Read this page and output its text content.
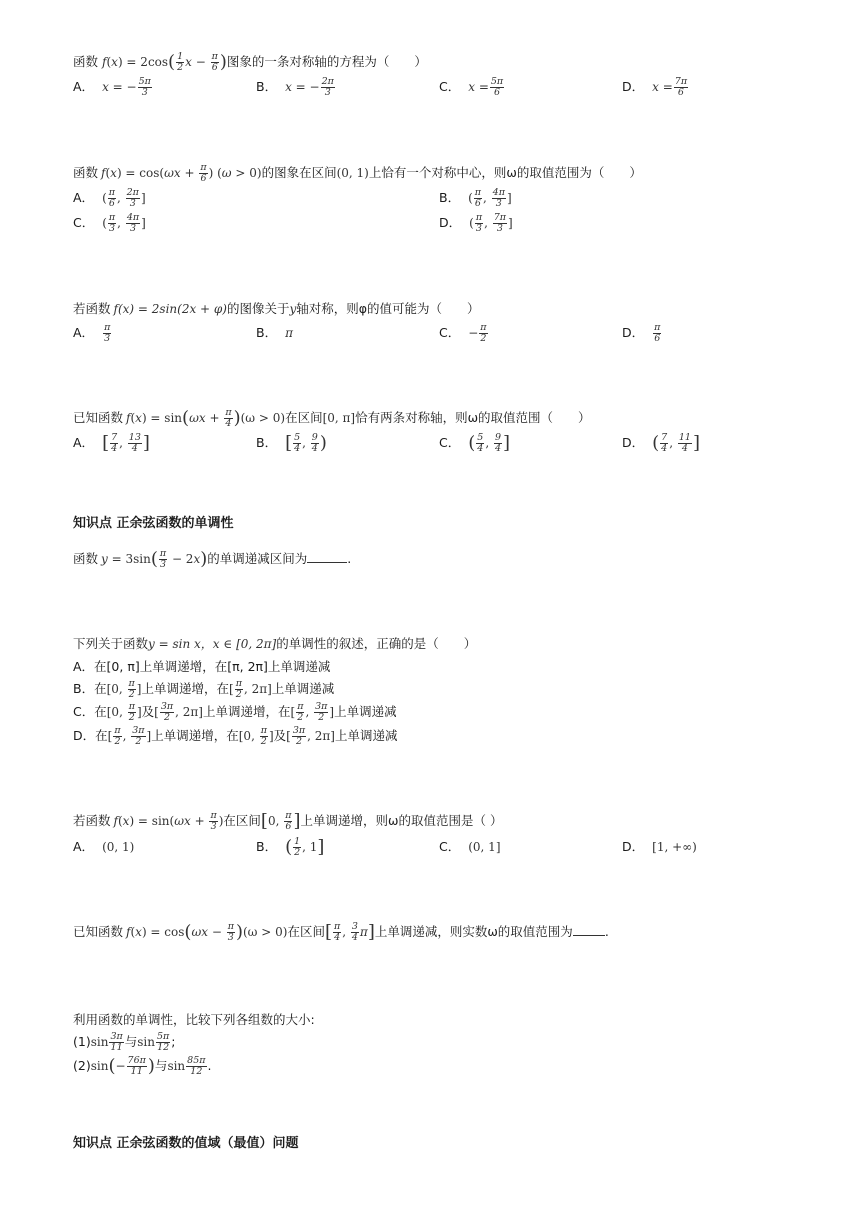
函数 $f(x) = 2\cos( \frac{1}{2}$ $x - \frac{\pi}{6}$ )图象的一条对称轴的方程为（　　）
A． x = − $\frac{5\pi}{3}$	B． x = − $\frac{2\pi}{3}$	C． $x = \frac{5\pi}{6}$	D． $x = \frac{7\pi}{6}$
函数 $f(x) = \cos(\omega x + \frac{\pi}{6}$ ) (ω > 0)的图象在区间(0, 1)上恰有一个对称中心，则ω的取值范围为（　　）
A． ( $\frac{\pi}{6}$ , $\frac{2\pi}{3}$ ]	B． ( $\frac{\pi}{6}$ , $\frac{4\pi}{3}$ ]
C． ( $\frac{\pi}{3}$ , $\frac{4\pi}{3}$ ]	D． ( $\frac{\pi}{3}$ , $\frac{7\pi}{3}$ ]
若函数 f(x) = 2sin(2x + φ)的图像关于y轴对称，则φ的值可能为（　　）
A． $\frac{\pi}{3}$	B． π	C． − $\frac{\pi}{2}$	D． $\frac{\pi}{6}$
已知函数 $f(x) = \sin(\omega x + \frac{\pi}{4} )(\omega > 0)$在区间[0, π]恰有两条对称轴，则ω的取值范围（　　）
A． [ $\frac{7}{4}$ , $\frac{13}{4}$ ]	B． [ $\frac{5}{4}$ , $\frac{9}{4}$ )	C． ( $\frac{5}{4}$ , $\frac{9}{4}$ ]	D． ( $\frac{7}{4}$ , $\frac{11}{4}$ ]
知识点 正余弦函数的单调性
函数 $y = 3\sin( \frac{\pi}{3} - 2x)$的单调递减区间为	.
下列关于函数y = sin x，x ∈ [0, 2π]的单调性的叙述，正确的是（　　）
A．在[0, π]上单调递增，在[π, 2π]上单调递减
B．在[0, $\frac{\pi}{2}$ ]上单调递增，在[ $\frac{\pi}{2}$ , 2π]上单调递减
C．在[0, $\frac{\pi}{2}$ ]及[ $\frac{3\pi}{2}$ , 2π]上单调递增，在[ $\frac{\pi}{2}$ , $\frac{3\pi}{2}$ ]上单调递减
D．在[ $\frac{\pi}{2}$ , $\frac{3\pi}{2}$ ]上单调递增，在[0, $\frac{\pi}{2}$ ]及[ $\frac{3\pi}{2}$ , 2π]上单调递减
若函数 $f(x) = \sin(\omega x + \frac{\pi}{3}$ )在区间[0, $\frac{\pi}{6}$ ]上单调递增，则ω的取值范围是（ ）
A． (0, 1)	B． ( $\frac{1}{2}$ , 1]	C． (0, 1]	D． [1, +∞)
已知函数 $f(x) = \cos(\omega x - \frac{\pi}{3} )(\omega > 0)$在区间[ $\frac{\pi}{4}$ , $\frac{3}{4} \pi$]上单调递减，则实数ω的取值范围为	.
利用函数的单调性，比较下列各组数的大小:
$(1)\sin \frac{3\pi}{11}$ 与$\sin \frac{5\pi}{12}$ ;
$(2)\sin(- \frac{76\pi}{11}$ )与$\sin \frac{85\pi}{12}$ .
知识点 正余弦函数的值域（最值）问题
